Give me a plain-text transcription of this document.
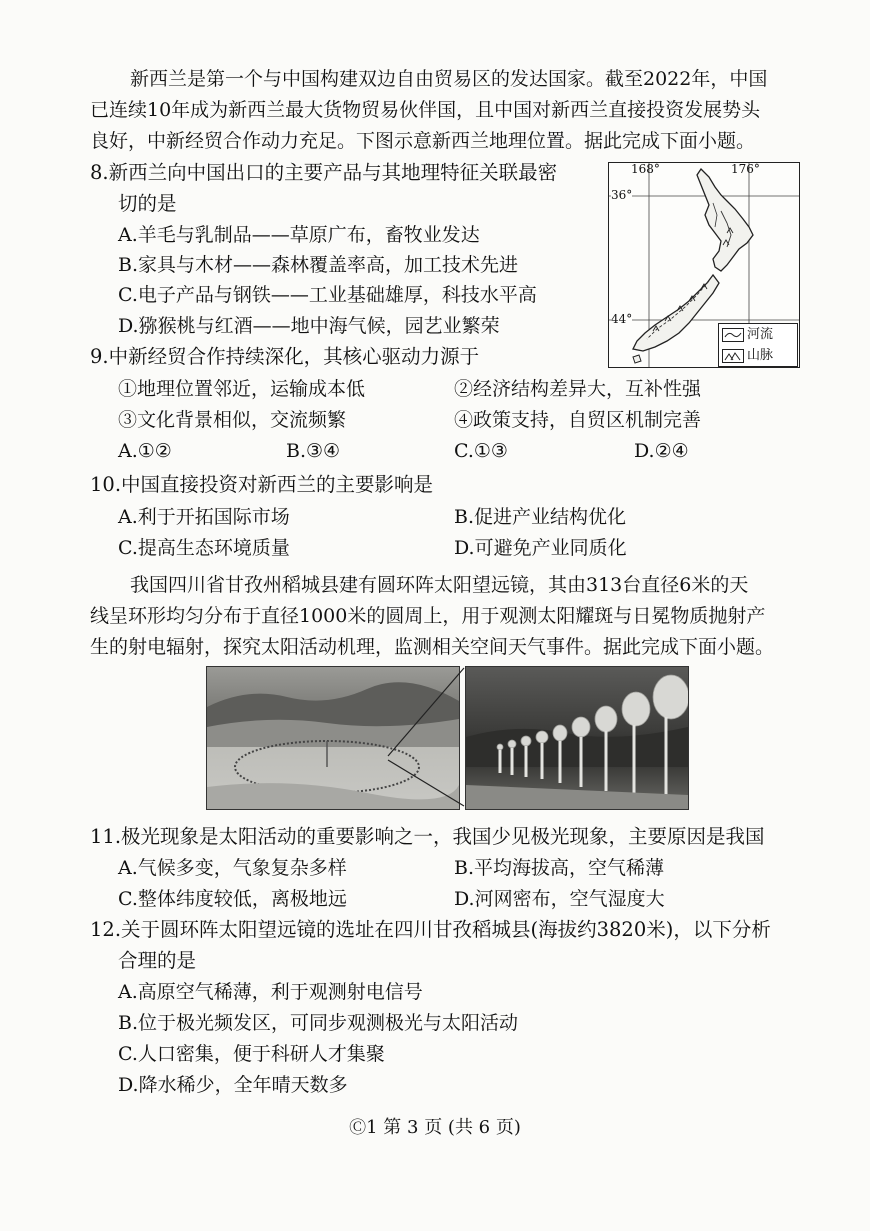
新西兰是第一个与中国构建双边自由贸易区的发达国家。截至2022年，中国
已连续10年成为新西兰最大货物贸易伙伴国，且中国对新西兰直接投资发展势头
良好，中新经贸合作动力充足。下图示意新西兰地理位置。据此完成下面小题。
8.新西兰向中国出口的主要产品与其地理特征关联最密
切的是
A.羊毛与乳制品——草原广布，畜牧业发达
B.家具与木材——森林覆盖率高，加工技术先进
C.电子产品与钢铁——工业基础雄厚，科技水平高
D.猕猴桃与红酒——地中海气候，园艺业繁荣
168°	176°
36°
44°
河流
山脉
9.中新经贸合作持续深化，其核心驱动力源于
①地理位置邻近，运输成本低	②经济结构差异大，互补性强
③文化背景相似，交流频繁	④政策支持，自贸区机制完善
A.①②	B.③④	C.①③	D.②④
10.中国直接投资对新西兰的主要影响是
A.利于开拓国际市场	B.促进产业结构优化
C.提高生态环境质量	D.可避免产业同质化
我国四川省甘孜州稻城县建有圆环阵太阳望远镜，其由313台直径6米的天
线呈环形均匀分布于直径1000米的圆周上，用于观测太阳耀斑与日冕物质抛射产
生的射电辐射，探究太阳活动机理，监测相关空间天气事件。据此完成下面小题。
11.极光现象是太阳活动的重要影响之一，我国少见极光现象，主要原因是我国
A.气候多变，气象复杂多样	B.平均海拔高，空气稀薄
C.整体纬度较低，离极地远	D.河网密布，空气湿度大
12.关于圆环阵太阳望远镜的选址在四川甘孜稻城县(海拔约3820米)，以下分析
合理的是
A.高原空气稀薄，利于观测射电信号
B.位于极光频发区，可同步观测极光与太阳活动
C.人口密集，便于科研人才集聚
D.降水稀少，全年晴天数多
Ⓒ1 第 3 页 (共 6 页)
